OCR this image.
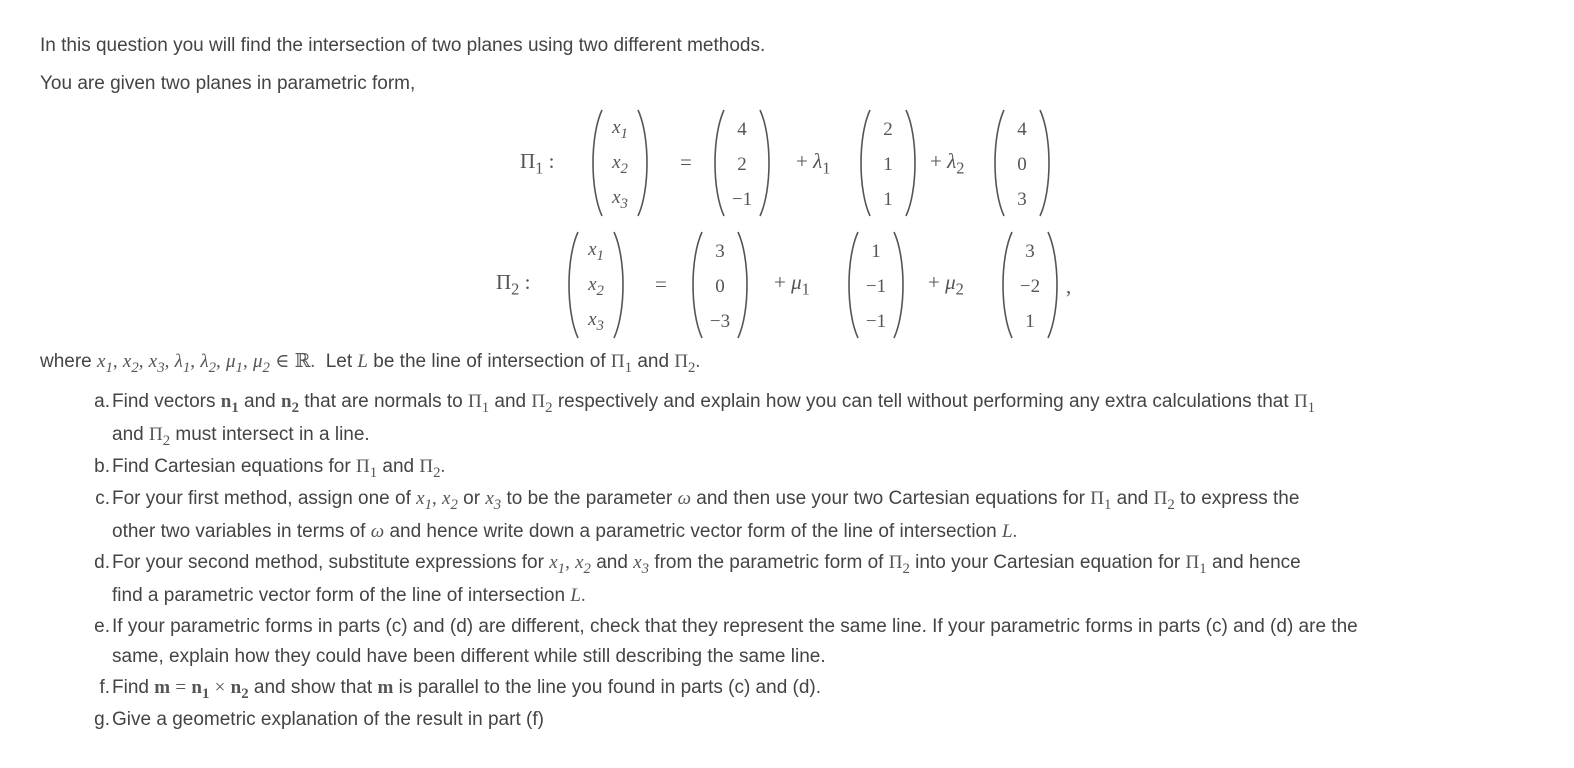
In this question you will find the intersection of two planes using two different methods.
You are given two planes in parametric form,
$\Pi_1$ :
$x_1$
$x_2$
$x_3$
=
4
2
−1
+ $\lambda_1$
2
1
1
+ $\lambda_2$
4
0
3
$\Pi_2$ :
$x_1$
$x_2$
$x_3$
=
3
0
−3
+ $\mu_1$
1
−1
−1
+ $\mu_2$
3
−2
1
,
where $x_1$, $x_2$, $x_3$, $\lambda_1$, $\lambda_2$, $\mu_1$, $\mu_2$ ∈ ℝ. Let L be the line of intersection of $\Pi_1$ and $\Pi_2$.
a. Find vectors $n_1$ and $n_2$ that are normals to $\Pi_1$ and $\Pi_2$ respectively and explain how you can tell without performing any extra calculations that $\Pi_1$
and $\Pi_2$ must intersect in a line.
b. Find Cartesian equations for $\Pi_1$ and $\Pi_2$.
c. For your first method, assign one of $x_1$, $x_2$ or $x_3$ to be the parameter ω and then use your two Cartesian equations for $\Pi_1$ and $\Pi_2$ to express the
other two variables in terms of ω and hence write down a parametric vector form of the line of intersection L.
d. For your second method, substitute expressions for $x_1$, $x_2$ and $x_3$ from the parametric form of $\Pi_2$ into your Cartesian equation for $\Pi_1$ and hence
find a parametric vector form of the line of intersection L.
e. If your parametric forms in parts (c) and (d) are different, check that they represent the same line. If your parametric forms in parts (c) and (d) are the
same, explain how they could have been different while still describing the same line.
f. Find $m = n_1 \times n_2$ and show that m is parallel to the line you found in parts (c) and (d).
g. Give a geometric explanation of the result in part (f)
